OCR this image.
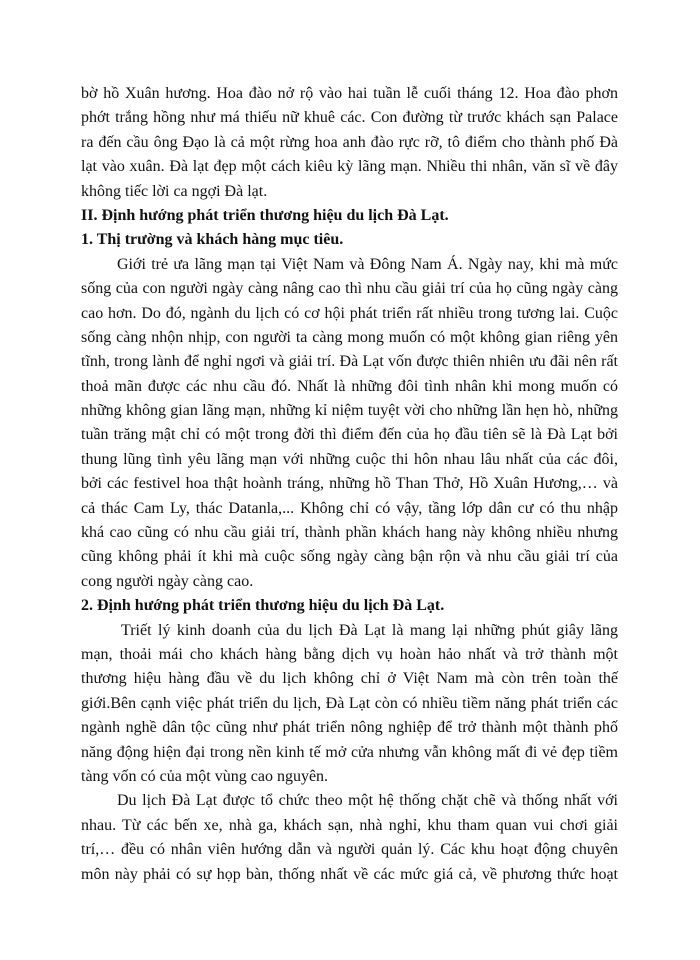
bờ hồ Xuân hương. Hoa đào nở rộ vào hai tuần lễ cuối tháng 12. Hoa đào phơn
phớt trắng hồng như má thiếu nữ khuê các. Con đường từ trước khách sạn Palace
ra đến cầu ông Đạo là cả một rừng hoa anh đào rực rỡ, tô điểm cho thành phố Đà
lạt vào xuân. Đà lạt đẹp một cách kiêu kỳ lãng mạn. Nhiều thi nhân, văn sĩ về đây
không tiếc lời ca ngợi Đà lạt.
II. Định hướng phát triển thương hiệu du lịch Đà Lạt.
1. Thị trường và khách hàng mục tiêu.
Giới trẻ ưa lãng mạn tại Việt Nam và Đông Nam Á. Ngày nay, khi mà mức
sống của con người ngày càng nâng cao thì nhu cầu giải trí của họ cũng ngày càng
cao hơn. Do đó, ngành du lịch có cơ hội phát triển rất nhiều trong tương lai. Cuộc
sống càng nhộn nhịp, con người ta càng mong muốn có một không gian riêng yên
tĩnh, trong lành để nghỉ ngơi và giải trí. Đà Lạt vốn được thiên nhiên ưu đãi nên rất
thoả mãn được các nhu cầu đó. Nhất là những đôi tình nhân khi mong muốn có
những không gian lãng mạn, những kỉ niệm tuyệt vời cho những lần hẹn hò, những
tuần trăng mật chỉ có một trong đời thì điểm đến của họ đầu tiên sẽ là Đà Lạt bởi
thung lũng tình yêu lãng mạn với những cuộc thi hôn nhau lâu nhất của các đôi,
bởi các festivel hoa thật hoành tráng, những hồ Than Thở, Hồ Xuân Hương,… và
cả thác Cam Ly, thác Datanla,... Không chỉ có vậy, tầng lớp dân cư có thu nhập
khá cao cũng có nhu cầu giải trí, thành phần khách hang này không nhiều nhưng
cũng không phải ít khi mà cuộc sống ngày càng bận rộn và nhu cầu giải trí của
cong người ngày càng cao.
2. Định hướng phát triển thương hiệu du lịch Đà Lạt.
Triết lý kinh doanh của du lịch Đà Lạt là mang lại những phút giây lãng
mạn, thoải mái cho khách hàng bằng dịch vụ hoàn hảo nhất và trở thành một
thương hiệu hàng đầu về du lịch không chỉ ở Việt Nam mà còn trên toàn thế
giới.Bên cạnh việc phát triển du lịch, Đà Lạt còn có nhiều tiềm năng phát triển các
ngành nghề dân tộc cũng như phát triển nông nghiệp để trở thành một thành phố
năng động hiện đại trong nền kinh tế mở cửa nhưng vẫn không mất đi vẻ đẹp tiềm
tàng vốn có của một vùng cao nguyên.
Du lịch Đà Lạt được tổ chức theo một hệ thống chặt chẽ và thống nhất với
nhau. Từ các bến xe, nhà ga, khách sạn, nhà nghỉ, khu tham quan vui chơi giải
trí,… đều có nhân viên hướng dẫn và người quản lý. Các khu hoạt động chuyên
môn này phải có sự họp bàn, thống nhất về các mức giá cả, về phương thức hoạt
